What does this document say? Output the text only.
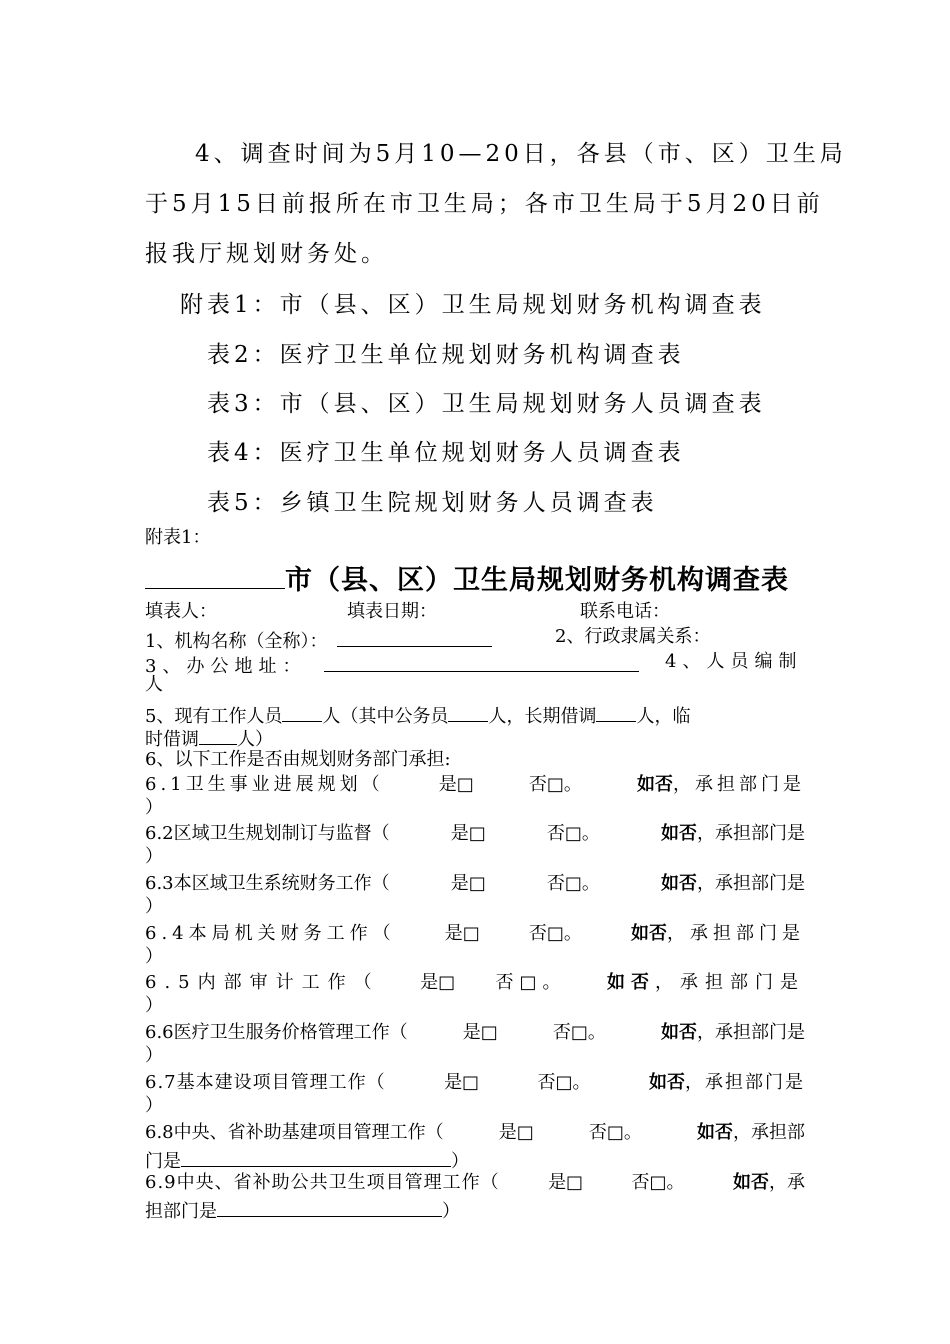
4、调查时间为5月10—20日，各县（市、区）卫生局
于5月15日前报所在市卫生局；各市卫生局于5月20日前
报我厅规划财务处。
附表1：市（县、区）卫生局规划财务机构调查表
表2：医疗卫生单位规划财务机构调查表
表3：市（县、区）卫生局规划财务人员调查表
表4：医疗卫生单位规划财务人员调查表
表5：乡镇卫生院规划财务人员调查表
附表1：
市（县、区）卫生局规划财务机构调查表
填表人：	填表日期：	联系电话：
1、机构名称（全称）：	2、行政隶属关系：
3、办公地址：	4、人员编制
人
5、现有工作人员 人（其中公务员 人，长期借调 人，临
时借调 人）
6、以下工作是否由规划财务部门承担:
6.1卫生事业进展规划（	是□	否□。	如否，承担部门是
）
6.2区域卫生规划制订与监督（	是□	否□。	如否，承担部门是
）
6.3本区域卫生系统财务工作（	是□	否□。	如否，承担部门是
）
6.4本局机关财务工作（	是□	否□。	如否，承担部门是
）
6.5内部审计工作（ 是□ 否□。 如否，承担部门是
）
6.6医疗卫生服务价格管理工作（	是□	否□。	如否，承担部门是
）
6.7基本建设项目管理工作（	是□	否□。	如否，承担部门是
）
6.8中央、省补助基建项目管理工作（	是□	否□。	如否，承担部
门是	）
6.9中央、省补助公共卫生项目管理工作（	是□	否□。	如否，承
担部门是	）
